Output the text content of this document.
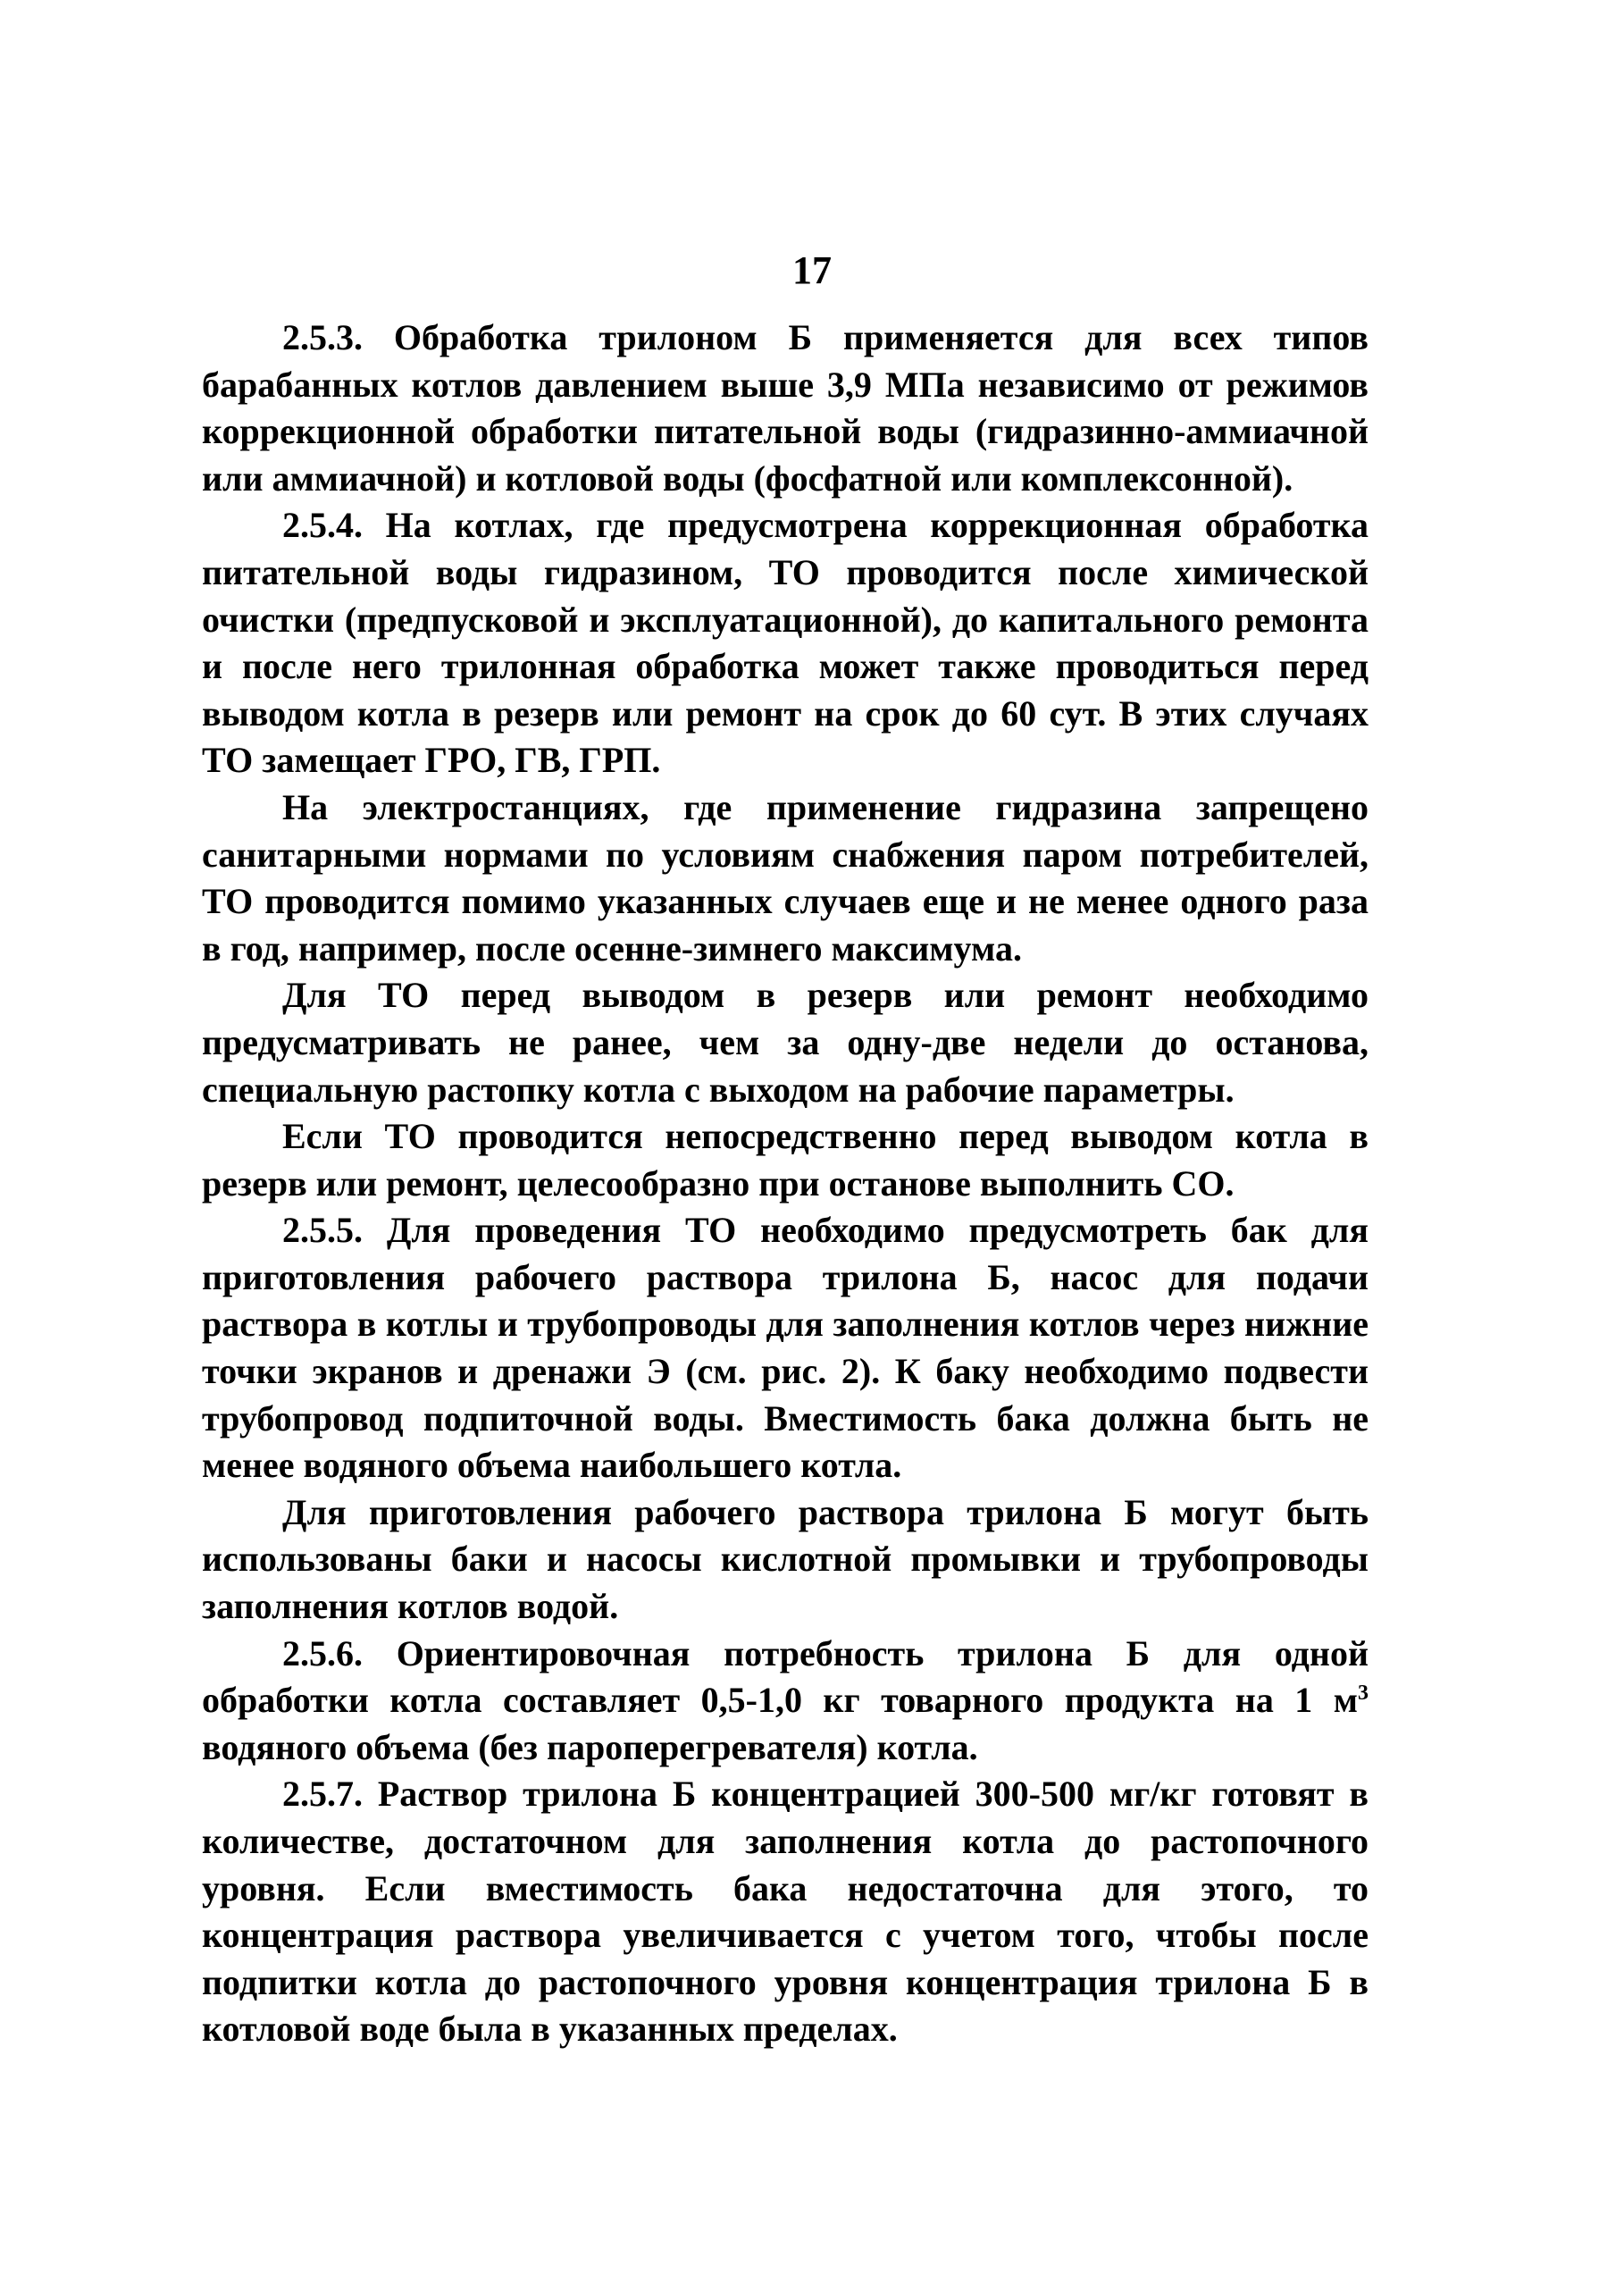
17

2.5.3. Обработка трилоном Б применяется для всех типов барабанных котлов давлением выше 3,9 МПа независимо от режимов коррекционной обработки питательной воды (гидразинно-аммиачной или аммиачной) и котловой воды (фосфатной или комплексонной).

2.5.4. На котлах, где предусмотрена коррекционная обработка питательной воды гидразином, ТО проводится после химической очистки (предпусковой и эксплуатационной), до капитального ремонта и после него трилонная обработка может также проводиться перед выводом котла в резерв или ремонт на срок до 60 сут. В этих случаях ТО замещает ГРО, ГВ, ГРП.

На электростанциях, где применение гидразина запрещено санитарными нормами по условиям снабжения паром потребителей, ТО проводится помимо указанных случаев еще и не менее одного раза в год, например, после осенне-зимнего максимума.

Для ТО перед выводом в резерв или ремонт необходимо предусматривать не ранее, чем за одну-две недели до останова, специальную растопку котла с выходом на рабочие параметры.

Если ТО проводится непосредственно перед выводом котла в резерв или ремонт, целесообразно при останове выполнить СО.

2.5.5. Для проведения ТО необходимо предусмотреть бак для приготовления рабочего раствора трилона Б, насос для подачи раствора в котлы и трубопроводы для заполнения котлов через нижние точки экранов и дренажи Э (см. рис. 2). К баку необходимо подвести трубопровод подпиточной воды. Вместимость бака должна быть не менее водяного объема наибольшего котла.

Для приготовления рабочего раствора трилона Б могут быть использованы баки и насосы кислотной промывки и трубопроводы заполнения котлов водой.

2.5.6. Ориентировочная потребность трилона Б для одной обработки котла составляет 0,5-1,0 кг товарного продукта на 1 $м^3$ водяного объема (без пароперегревателя) котла.

2.5.7. Раствор трилона Б концентрацией 300-500 мг/кг готовят в количестве, достаточном для заполнения котла до растопочного уровня. Если вместимость бака недостаточна для этого, то концентрация раствора увеличивается с учетом того, чтобы после подпитки котла до растопочного уровня концентрация трилона Б в котловой воде была в указанных пределах.
